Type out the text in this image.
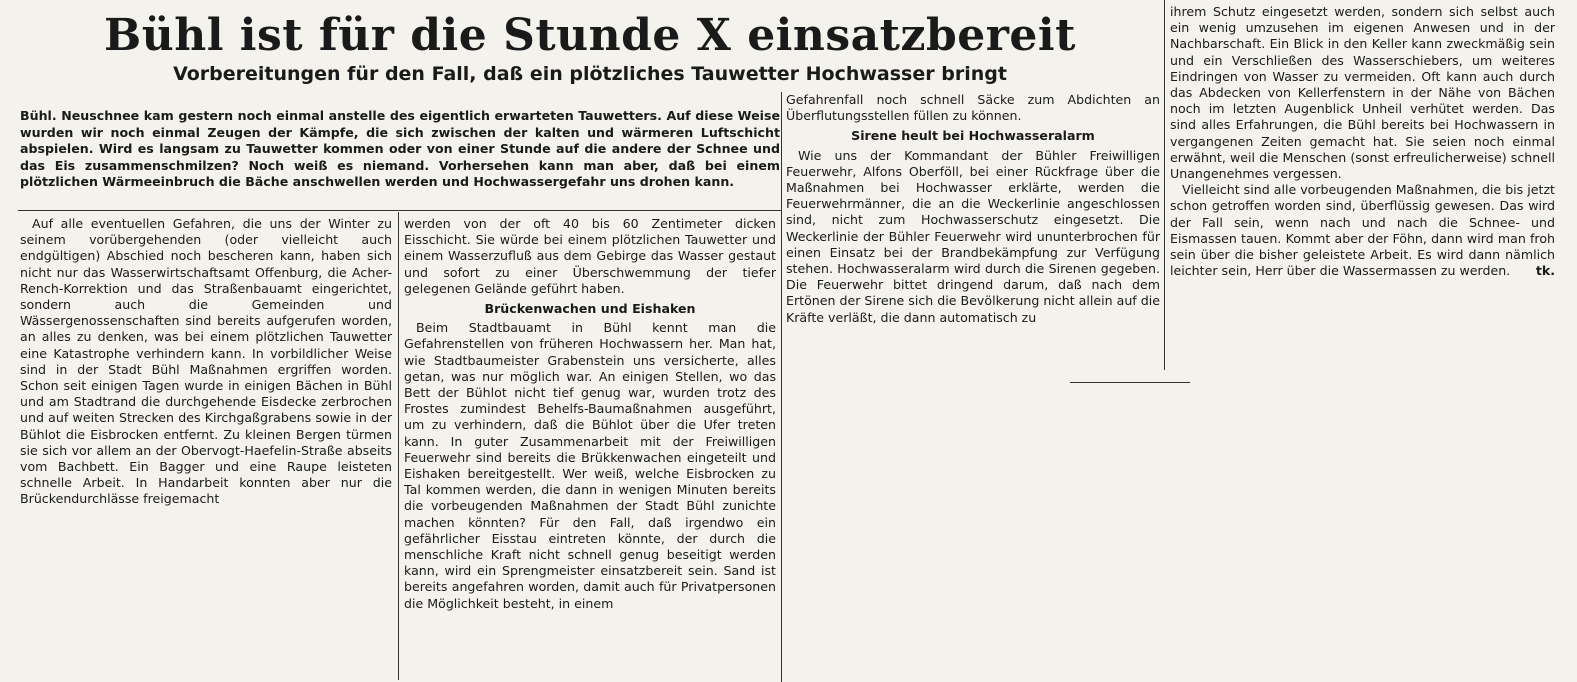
Bühl ist für die Stunde X einsatzbereit
Vorbereitungen für den Fall, daß ein plötzliches Tauwetter Hochwasser bringt
Bühl. Neuschnee kam gestern noch einmal anstelle des eigentlich erwarteten Tauwetters. Auf diese Weise wurden wir noch einmal Zeugen der Kämpfe, die sich zwischen der kalten und wärmeren Luftschicht abspielen. Wird es langsam zu Tauwetter kommen oder von einer Stunde auf die andere der Schnee und das Eis zusammenschmilzen? Noch weiß es niemand. Vorhersehen kann man aber, daß bei einem plötzlichen Wärmeeinbruch die Bäche anschwellen werden und Hochwassergefahr uns drohen kann.

Auf alle eventuellen Gefahren, die uns der Winter zu seinem vorübergehenden (oder vielleicht auch endgültigen) Abschied noch bescheren kann, haben sich nicht nur das Wasserwirtschaftsamt Offenburg, die Acher-Rench-Korrektion und das Straßenbauamt eingerichtet, sondern auch die Gemeinden und Wässergenossenschaften sind bereits aufgerufen worden, an alles zu denken, was bei einem plötzlichen Tauwetter eine Katastrophe verhindern kann. In vorbildlicher Weise sind in der Stadt Bühl Maßnahmen ergriffen worden. Schon seit einigen Tagen wurde in einigen Bächen in Bühl und am Stadtrand die durchgehende Eisdecke zerbrochen und auf weiten Strecken des Kirchgaßgrabens sowie in der Bühlot die Eisbrocken entfernt. Zu kleinen Bergen türmen sie sich vor allem an der Obervogt-Haefelin-Straße abseits vom Bachbett. Ein Bagger und eine Raupe leisteten schnelle Arbeit. In Handarbeit konnten aber nur die Brückendurchlässe freigemacht

werden von der oft 40 bis 60 Zentimeter dicken Eisschicht. Sie würde bei einem plötzlichen Tauwetter und einem Wasserzufluß aus dem Gebirge das Wasser gestaut und sofort zu einer Überschwemmung der tiefer gelegenen Gelände geführt haben.

Brückenwachen und Eishaken

Beim Stadtbauamt in Bühl kennt man die Gefahrenstellen von früheren Hochwassern her. Man hat, wie Stadtbaumeister Grabenstein uns versicherte, alles getan, was nur möglich war. An einigen Stellen, wo das Bett der Bühlot nicht tief genug war, wurden trotz des Frostes zumindest Behelfs-Baumaßnahmen ausgeführt, um zu verhindern, daß die Bühlot über die Ufer treten kann. In guter Zusammenarbeit mit der Freiwilligen Feuerwehr sind bereits die Brükkenwachen eingeteilt und Eishaken bereitgestellt. Wer weiß, welche Eisbrocken zu Tal kommen werden, die dann in wenigen Minuten bereits die vorbeugenden Maßnahmen der Stadt Bühl zunichte machen könnten? Für den Fall, daß irgendwo ein gefährlicher Eisstau eintreten könnte, der durch die menschliche Kraft nicht schnell genug beseitigt werden kann, wird ein Sprengmeister einsatzbereit sein. Sand ist bereits angefahren worden, damit auch für Privatpersonen die Möglichkeit besteht, in einem

Gefahrenfall noch schnell Säcke zum Abdichten an Überflutungsstellen füllen zu können.

Sirene heult bei Hochwasseralarm

Wie uns der Kommandant der Bühler Freiwilligen Feuerwehr, Alfons Oberföll, bei einer Rückfrage über die Maßnahmen bei Hochwasser erklärte, werden die Feuerwehrmänner, die an die Weckerlinie angeschlossen sind, nicht zum Hochwasserschutz eingesetzt. Die Weckerlinie der Bühler Feuerwehr wird ununterbrochen für einen Einsatz bei der Brandbekämpfung zur Verfügung stehen. Hochwasseralarm wird durch die Sirenen gegeben. Die Feuerwehr bittet dringend darum, daß nach dem Ertönen der Sirene sich die Bevölkerung nicht allein auf die Kräfte verläßt, die dann automatisch zu

ihrem Schutz eingesetzt werden, sondern sich selbst auch ein wenig umzusehen im eigenen Anwesen und in der Nachbarschaft. Ein Blick in den Keller kann zweckmäßig sein und ein Verschließen des Wasserschiebers, um weiteres Eindringen von Wasser zu vermeiden. Oft kann auch durch das Abdecken von Kellerfenstern in der Nähe von Bächen noch im letzten Augenblick Unheil verhütet werden. Das sind alles Erfahrungen, die Bühl bereits bei Hochwassern in vergangenen Zeiten gemacht hat. Sie seien noch einmal erwähnt, weil die Menschen (sonst erfreulicherweise) schnell Unangenehmes vergessen.

Vielleicht sind alle vorbeugenden Maßnahmen, die bis jetzt schon getroffen worden sind, überflüssig gewesen. Das wird der Fall sein, wenn nach und nach die Schnee- und Eismassen tauen. Kommt aber der Föhn, dann wird man froh sein über die bisher geleistete Arbeit. Es wird dann nämlich leichter sein, Herr über die Wassermassen zu werden.	tk.
